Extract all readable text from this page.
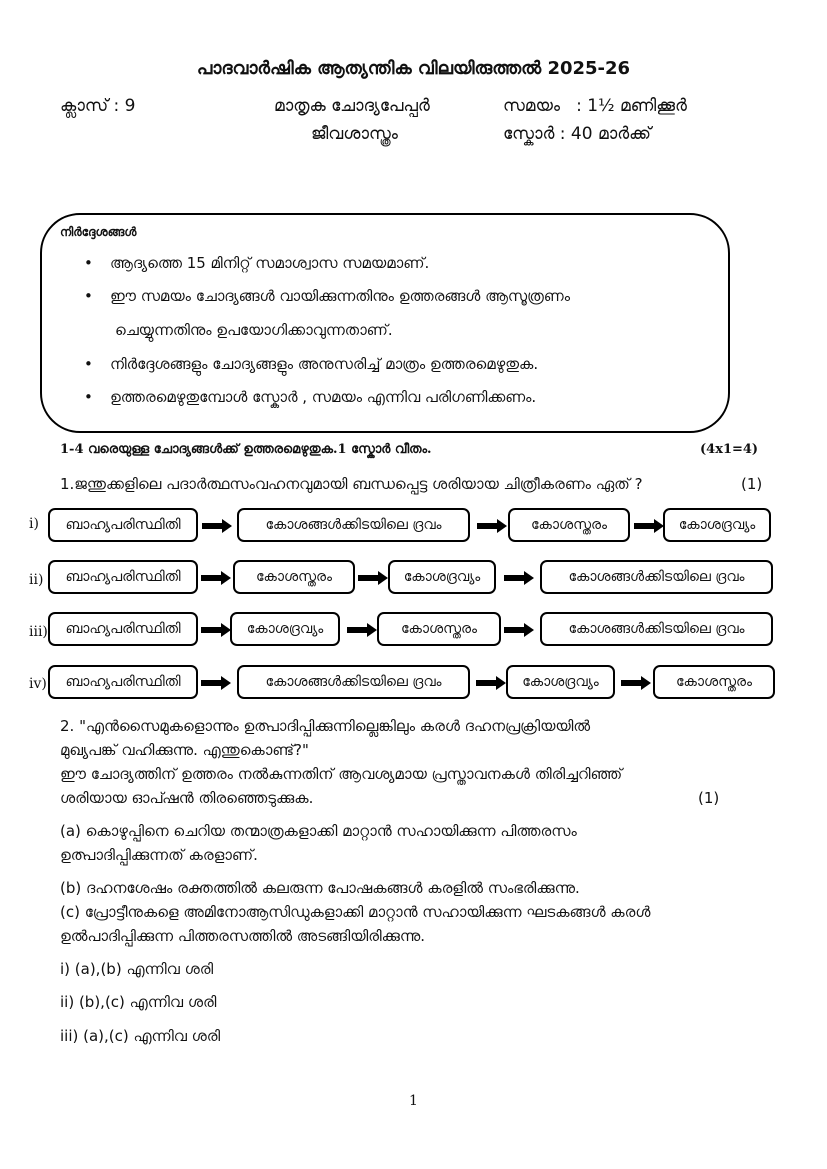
പാദവാർഷിക ആത്യന്തിക വിലയിരുത്തൽ 2025-26
ക്ലാസ് : 9	മാതൃക ചോദ്യപേപ്പർ
ജീവശാസ്ത്രം
സമയം   : 1½ മണിക്കൂർ
സ്കോർ : 40 മാർക്ക്
നിർദ്ദേശങ്ങൾ
• ആദ്യത്തെ 15 മിനിറ്റ് സമാശ്വാസ സമയമാണ്.
• ഈ സമയം ചോദ്യങ്ങൾ വായിക്കുന്നതിനും ഉത്തരങ്ങൾ ആസൂത്രണം
ചെയ്യുന്നതിനും ഉപയോഗിക്കാവുന്നതാണ്.
• നിർദ്ദേശങ്ങളും ചോദ്യങ്ങളും അനുസരിച്ച് മാത്രം ഉത്തരമെഴുതുക.
• ഉത്തരമെഴുതുമ്പോൾ സ്കോർ , സമയം എന്നിവ പരിഗണിക്കണം.
1-4 വരെയുള്ള ചോദ്യങ്ങൾക്ക് ഉത്തരമെഴുതുക.1 സ്കോർ വീതം.	(4x1=4)
1.ജന്തുക്കളിലെ പദാർത്ഥസംവഹനവുമായി ബന്ധപ്പെട്ട ശരിയായ ചിത്രീകരണം ഏത് ?	(1)
i)	ബാഹ്യപരിസ്ഥിതി	കോശങ്ങൾക്കിടയിലെ ദ്രവം	കോശസ്തരം	കോശദ്രവ്യം
ii)	ബാഹ്യപരിസ്ഥിതി	കോശസ്തരം	കോശദ്രവ്യം	കോശങ്ങൾക്കിടയിലെ ദ്രവം
iii)	ബാഹ്യപരിസ്ഥിതി	കോശദ്രവ്യം	കോശസ്തരം	കോശങ്ങൾക്കിടയിലെ ദ്രവം
iv)	ബാഹ്യപരിസ്ഥിതി	കോശങ്ങൾക്കിടയിലെ ദ്രവം	കോശദ്രവ്യം	കോശസ്തരം
2. "എൻസൈമുകളൊന്നും ഉത്പാദിപ്പിക്കുന്നില്ലെങ്കിലും കരൾ ദഹനപ്രക്രിയയിൽ
മുഖ്യപങ്ക് വഹിക്കുന്നു. എന്തുകൊണ്ട്?"
ഈ ചോദ്യത്തിന് ഉത്തരം നൽകുന്നതിന് ആവശ്യമായ പ്രസ്താവനകൾ തിരിച്ചറിഞ്ഞ്
ശരിയായ ഓപ്ഷൻ തിരഞ്ഞെടുക്കുക.	(1)
(a) കൊഴുപ്പിനെ ചെറിയ തന്മാത്രകളാക്കി മാറ്റാൻ സഹായിക്കുന്ന പിത്തരസം
ഉത്പാദിപ്പിക്കുന്നത് കരളാണ്.
(b) ദഹനശേഷം രക്തത്തിൽ കലരുന്ന പോഷകങ്ങൾ കരളിൽ സംഭരിക്കുന്നു.
(c) പ്രോട്ടീനുകളെ അമിനോആസിഡുകളാക്കി മാറ്റാൻ സഹായിക്കുന്ന ഘടകങ്ങൾ കരൾ
ഉൽപാദിപ്പിക്കുന്ന പിത്തരസത്തിൽ അടങ്ങിയിരിക്കുന്നു.
i) (a),(b) എന്നിവ ശരി
ii) (b),(c) എന്നിവ ശരി
iii) (a),(c) എന്നിവ ശരി
1
